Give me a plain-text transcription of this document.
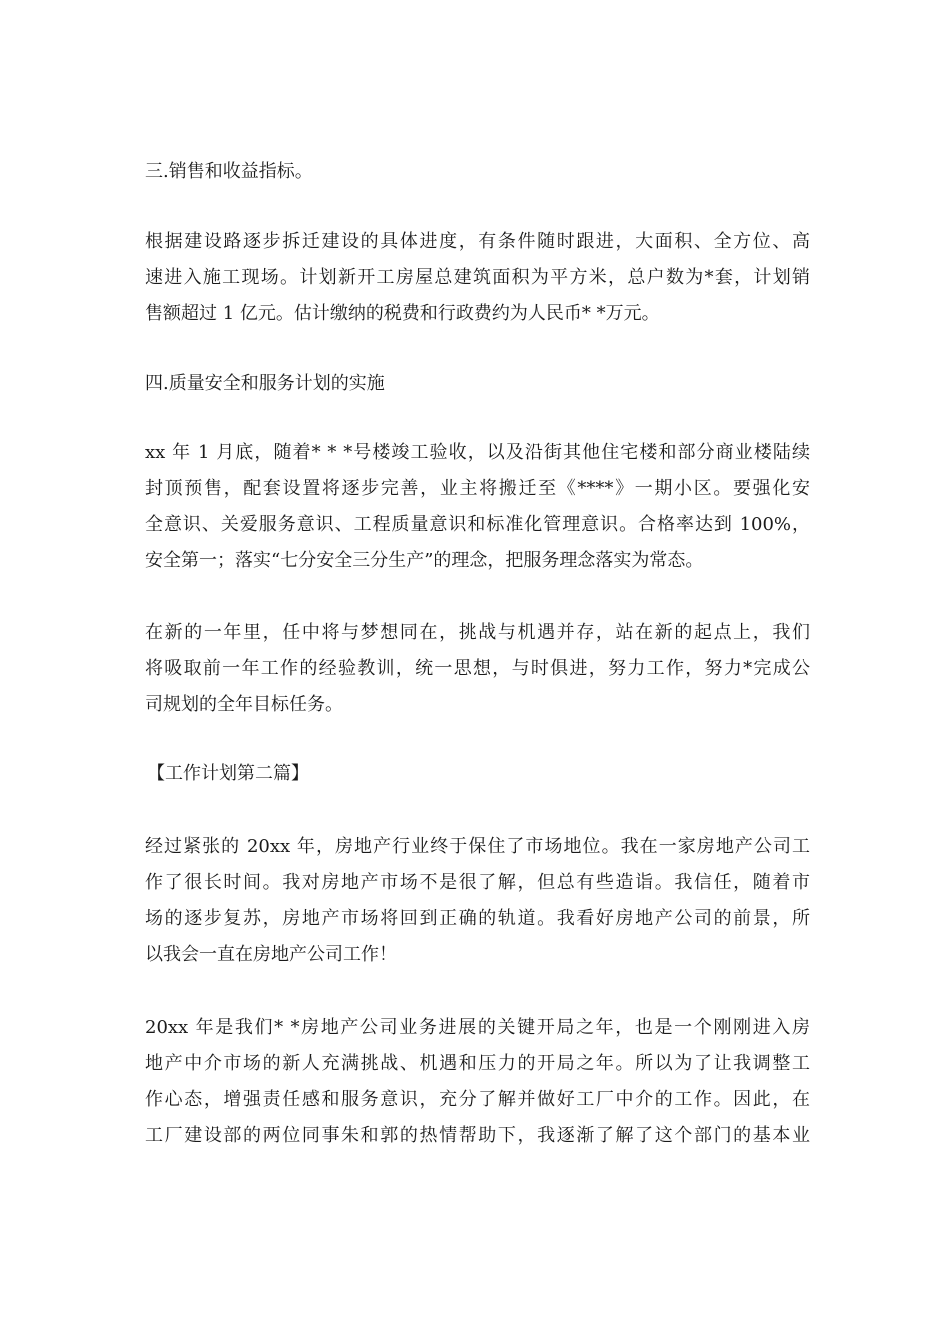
三.销售和收益指标。

根据建设路逐步拆迁建设的具体进度，有条件随时跟进，大面积、全方位、高
速进入施工现场。计划新开工房屋总建筑面积为平方米，总户数为*套，计划销
售额超过 1 亿元。估计缴纳的税费和行政费约为人民币* *万元。

四.质量安全和服务计划的实施

xx 年 1 月底，随着* * *号楼竣工验收，以及沿街其他住宅楼和部分商业楼陆续
封顶预售，配套设置将逐步完善，业主将搬迁至《****》一期小区。要强化安
全意识、关爱服务意识、工程质量意识和标准化管理意识。合格率达到 100%，
安全第一；落实“七分安全三分生产”的理念，把服务理念落实为常态。

在新的一年里，任中将与梦想同在，挑战与机遇并存，站在新的起点上，我们
将吸取前一年工作的经验教训，统一思想，与时俱进，努力工作，努力*完成公
司规划的全年目标任务。

【工作计划第二篇】

经过紧张的 20xx 年，房地产行业终于保住了市场地位。我在一家房地产公司工
作了很长时间。我对房地产市场不是很了解，但总有些造诣。我信任，随着市
场的逐步复苏，房地产市场将回到正确的轨道。我看好房地产公司的前景，所
以我会一直在房地产公司工作！

20xx 年是我们* *房地产公司业务进展的关键开局之年，也是一个刚刚进入房
地产中介市场的新人充满挑战、机遇和压力的开局之年。所以为了让我调整工
作心态，增强责任感和服务意识，充分了解并做好工厂中介的工作。因此，在
工厂建设部的两位同事朱和郭的热情帮助下，我逐渐了解了这个部门的基本业
